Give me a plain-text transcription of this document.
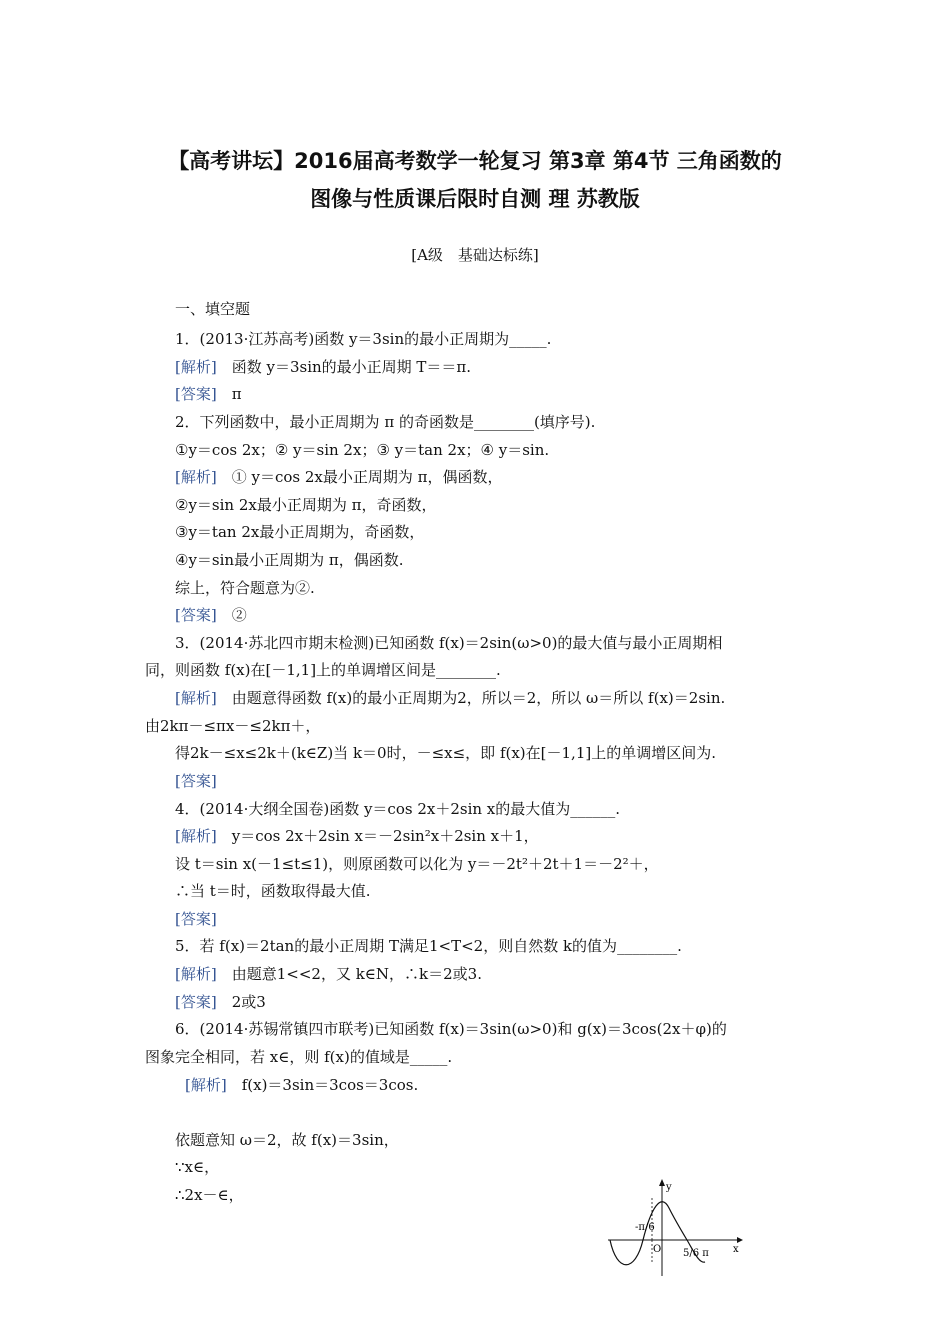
【高考讲坛】2016届高考数学一轮复习 第3章 第4节 三角函数的
图像与性质课后限时自测 理 苏教版
[A级　基础达标练]
一、填空题
1．(2013·江苏高考)函数 y＝3sin的最小正周期为_____.
[解析]　函数 y＝3sin的最小正周期 T＝＝π.
[答案]　π
2．下列函数中，最小正周期为 π 的奇函数是________(填序号).
①y＝cos 2x；② y＝sin 2x；③ y＝tan 2x；④ y＝sin.
[解析]　① y＝cos 2x最小正周期为 π，偶函数，
②y＝sin 2x最小正周期为 π，奇函数，
③y＝tan 2x最小正周期为，奇函数，
④y＝sin最小正周期为 π，偶函数.
综上，符合题意为②.
[答案]　②
3．(2014·苏北四市期末检测)已知函数 f(x)＝2sin(ω>0)的最大值与最小正周期相
同，则函数 f(x)在[－1,1]上的单调增区间是________.
[解析]　由题意得函数 f(x)的最小正周期为2，所以＝2，所以 ω＝所以 f(x)＝2sin.
由2kπ－≤πx－≤2kπ＋，
得2k－≤x≤2k＋(k∈Z)当 k＝0时，－≤x≤，即 f(x)在[－1,1]上的单调增区间为.
[答案]
4．(2014·大纲全国卷)函数 y＝cos 2x＋2sin x的最大值为______.
[解析]　y＝cos 2x＋2sin x＝－2sin²x＋2sin x＋1，
设 t＝sin x(－1≤t≤1)，则原函数可以化为 y＝－2t²＋2t＋1＝－2²＋，
∴当 t＝时，函数取得最大值.
[答案]
5．若 f(x)＝2tan的最小正周期 T满足1<T<2，则自然数 k的值为________.
[解析]　由题意1<<2，又 k∈N，∴k＝2或3.
[答案]　2或3
6．(2014·苏锡常镇四市联考)已知函数 f(x)＝3sin(ω>0)和 g(x)＝3cos(2x＋φ)的
图象完全相同，若 x∈，则 f(x)的值域是_____.
[解析]　f(x)＝3sin＝3cos＝3cos.
依题意知 ω＝2，故 f(x)＝3sin，
∵x∈，
∴2x－∈，	y
x
O
-π/6
5/6 π
